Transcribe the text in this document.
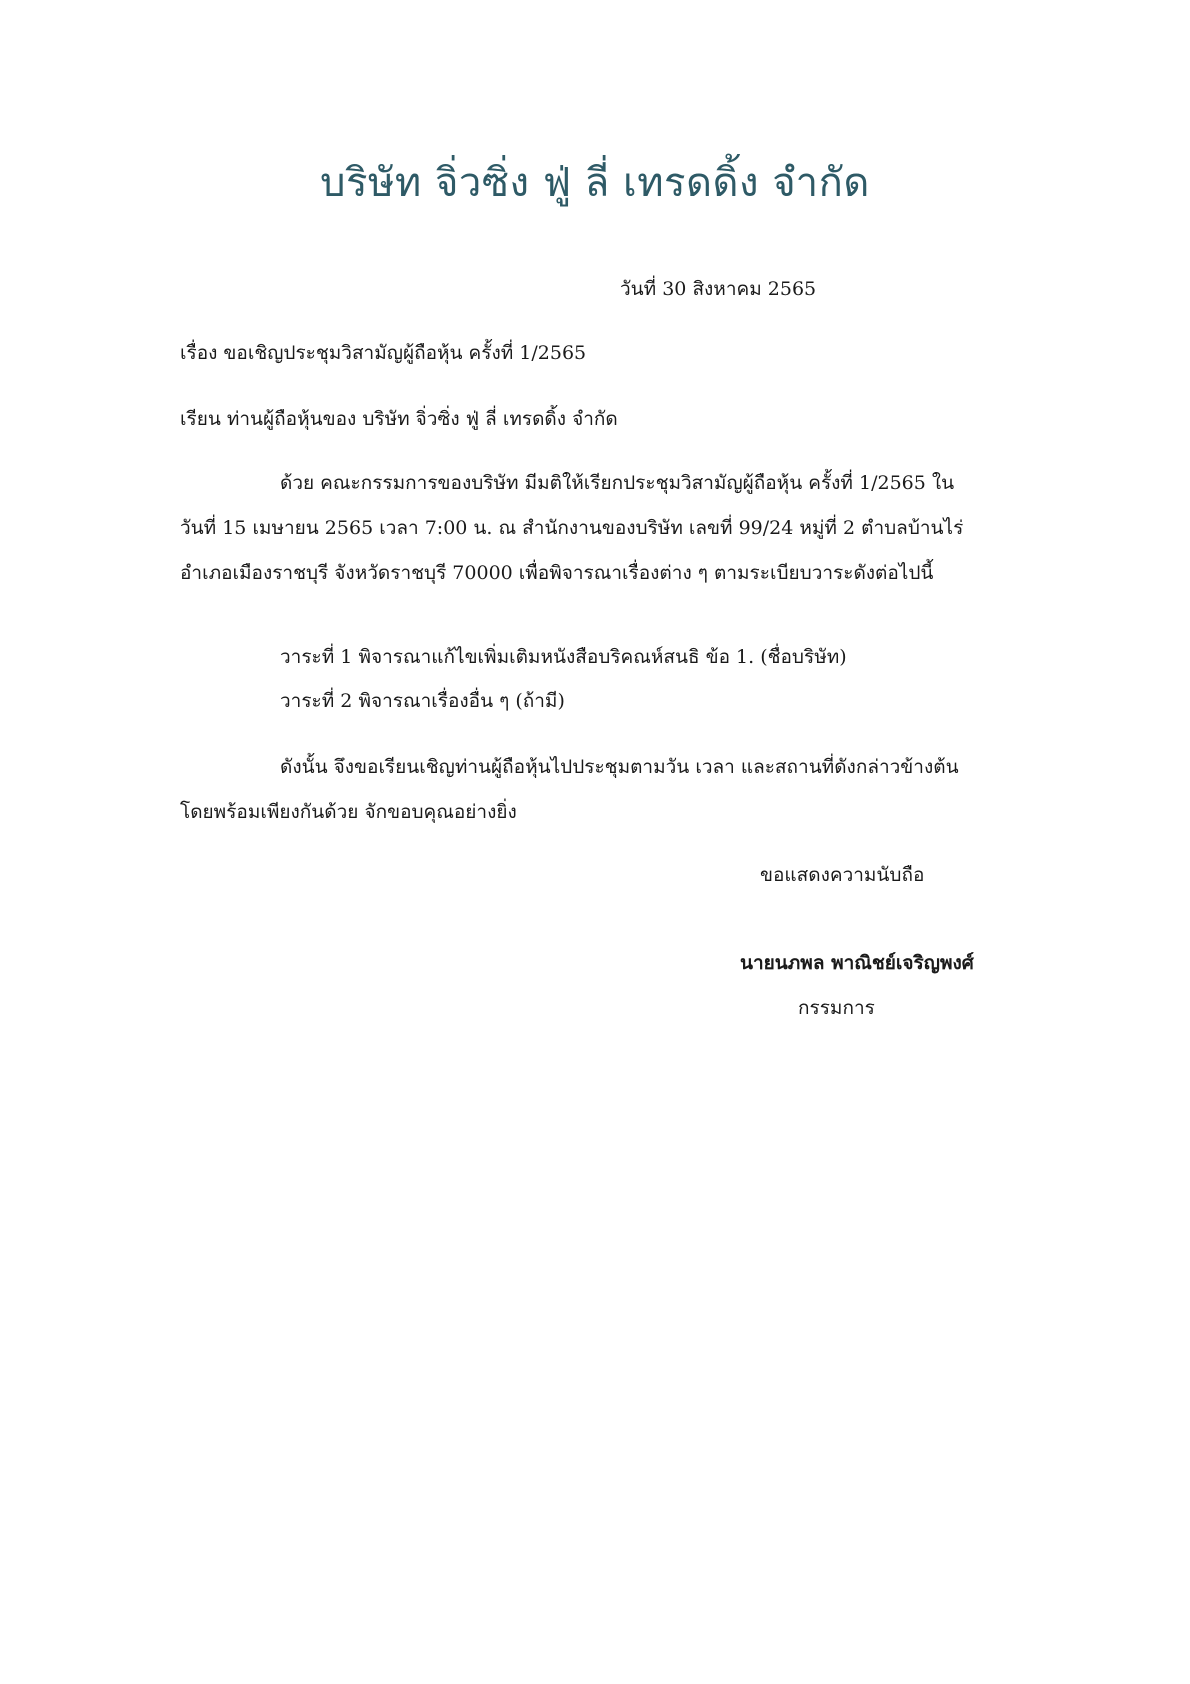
บริษัท จิ่วซิ่ง ฟู่ ลี่ เทรดดิ้ง จำกัด
วันที่ 30 สิงหาคม 2565
เรื่อง ขอเชิญประชุมวิสามัญผู้ถือหุ้น ครั้งที่ 1/2565
เรียน ท่านผู้ถือหุ้นของ บริษัท จิ่วซิ่ง ฟู่ ลี่ เทรดดิ้ง จำกัด
ด้วย คณะกรรมการของบริษัท มีมติให้เรียกประชุมวิสามัญผู้ถือหุ้น ครั้งที่ 1/2565 ใน
วันที่ 15 เมษายน 2565 เวลา 7:00 น. ณ สำนักงานของบริษัท เลขที่ 99/24 หมู่ที่ 2 ตำบลบ้านไร่
อำเภอเมืองราชบุรี จังหวัดราชบุรี 70000 เพื่อพิจารณาเรื่องต่าง ๆ ตามระเบียบวาระดังต่อไปนี้
วาระที่ 1 พิจารณาแก้ไขเพิ่มเติมหนังสือบริคณห์สนธิ ข้อ 1. (ชื่อบริษัท)
วาระที่ 2 พิจารณาเรื่องอื่น ๆ (ถ้ามี)
ดังนั้น จึงขอเรียนเชิญท่านผู้ถือหุ้นไปประชุมตามวัน เวลา และสถานที่ดังกล่าวข้างต้น
โดยพร้อมเพียงกันด้วย จักขอบคุณอย่างยิ่ง
ขอแสดงความนับถือ
นายนภพล พาณิชย์เจริญพงศ์
กรรมการ
